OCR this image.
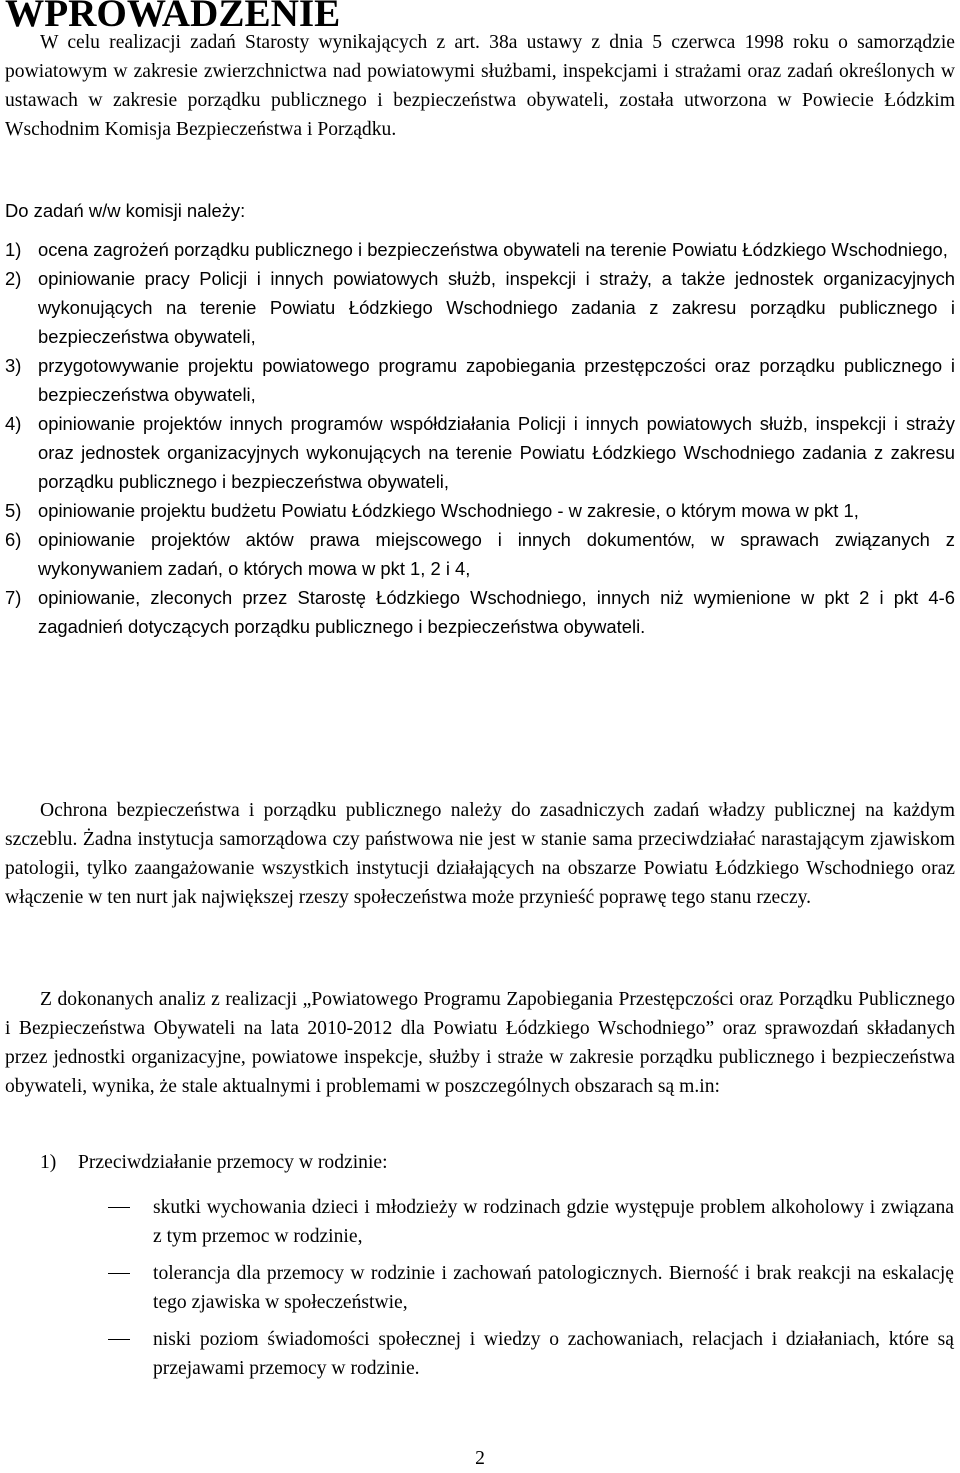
WPROWADZENIE

W celu realizacji zadań Starosty wynikających z art. 38a ustawy z dnia 5 czerwca 1998 roku o samorządzie powiatowym w zakresie zwierzchnictwa nad powiatowymi służbami, inspekcjami i strażami oraz zadań określonych w ustawach w zakresie porządku publicznego i bezpieczeństwa obywateli, została utworzona w Powiecie Łódzkim Wschodnim Komisja Bezpieczeństwa i Porządku.

Do zadań w/w komisji należy:

1) ocena zagrożeń porządku publicznego i bezpieczeństwa obywateli na terenie Powiatu Łódzkiego Wschodniego,
2) opiniowanie pracy Policji i innych powiatowych służb, inspekcji i straży, a także jednostek organizacyjnych wykonujących na terenie Powiatu Łódzkiego Wschodniego zadania z zakresu porządku publicznego i bezpieczeństwa obywateli,
3) przygotowywanie projektu powiatowego programu zapobiegania przestępczości oraz porządku publicznego i bezpieczeństwa obywateli,
4) opiniowanie projektów innych programów współdziałania Policji i innych powiatowych służb, inspekcji i straży oraz jednostek organizacyjnych wykonujących na terenie Powiatu Łódzkiego Wschodniego zadania z zakresu porządku publicznego i bezpieczeństwa obywateli,
5) opiniowanie projektu budżetu Powiatu Łódzkiego Wschodniego - w zakresie, o którym mowa w pkt 1,
6) opiniowanie projektów aktów prawa miejscowego i innych dokumentów, w sprawach związanych z wykonywaniem zadań, o których mowa w pkt 1, 2 i 4,
7) opiniowanie, zleconych przez Starostę Łódzkiego Wschodniego, innych niż wymienione w pkt 2 i pkt 4-6 zagadnień dotyczących porządku publicznego i bezpieczeństwa obywateli.

Ochrona bezpieczeństwa i porządku publicznego należy do zasadniczych zadań władzy publicznej na każdym szczeblu. Żadna instytucja samorządowa czy państwowa nie jest w stanie sama przeciwdziałać narastającym zjawiskom patologii, tylko zaangażowanie wszystkich instytucji działających na obszarze Powiatu Łódzkiego Wschodniego oraz włączenie w ten nurt jak największej rzeszy społeczeństwa może przynieść poprawę tego stanu rzeczy.

Z dokonanych analiz z realizacji „Powiatowego Programu Zapobiegania Przestępczości oraz Porządku Publicznego i Bezpieczeństwa Obywateli na lata 2010-2012 dla Powiatu Łódzkiego Wschodniego” oraz sprawozdań składanych przez jednostki organizacyjne, powiatowe inspekcje, służby i straże w zakresie porządku publicznego i bezpieczeństwa obywateli, wynika, że stale aktualnymi i problemami w poszczególnych obszarach są m.in:

1) Przeciwdziałanie przemocy w rodzinie:

skutki wychowania dzieci i młodzieży w rodzinach gdzie występuje problem alkoholowy i związana z tym przemoc w rodzinie,
tolerancja dla przemocy w rodzinie i zachowań patologicznych. Bierność i brak reakcji na eskalację tego zjawiska w społeczeństwie,
niski poziom świadomości społecznej i wiedzy o zachowaniach, relacjach i działaniach, które są przejawami przemocy w rodzinie.
2
